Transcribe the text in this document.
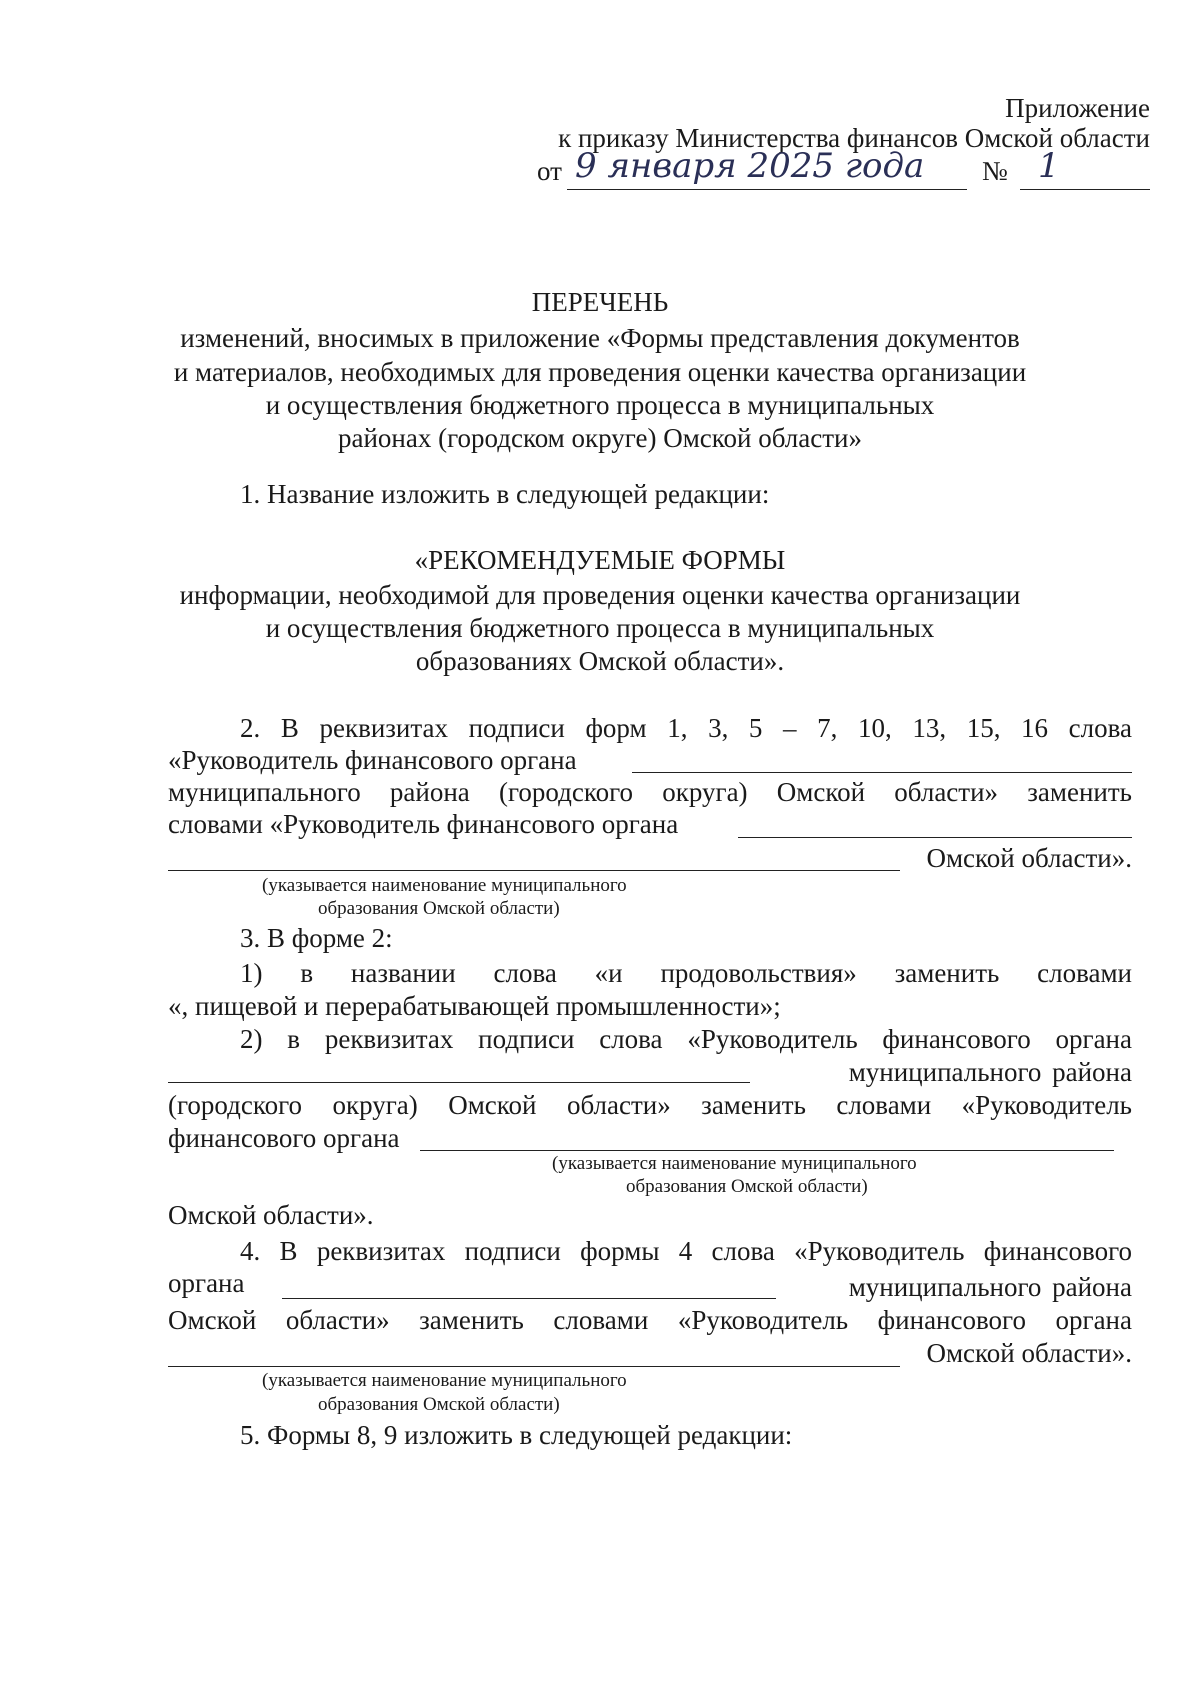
Приложение
к приказу Министерства финансов Омской области
от 9 января 2025 года № 1
ПЕРЕЧЕНЬ
изменений, вносимых в приложение «Формы представления документов
и материалов, необходимых для проведения оценки качества организации
и осуществления бюджетного процесса в муниципальных
районах (городском округе) Омской области»
1. Название изложить в следующей редакции:
«РЕКОМЕНДУЕМЫЕ ФОРМЫ
информации, необходимой для проведения оценки качества организации
и осуществления бюджетного процесса в муниципальных
образованиях Омской области».
2. В реквизитах подписи форм 1, 3, 5 – 7, 10, 13, 15, 16 слова
«Руководитель финансового органа
муниципального района (городского округа) Омской области» заменить
словами «Руководитель финансового органа
Омской области».
(указывается наименование муниципального
образования Омской области)
3. В форме 2:
1) в названии слова «и продовольствия» заменить словами
«, пищевой и перерабатывающей промышленности»;
2) в реквизитах подписи слова «Руководитель финансового органа
муниципального района
(городского округа) Омской области» заменить словами «Руководитель
финансового органа
(указывается наименование муниципального
образования Омской области)
Омской области».
4. В реквизитах подписи формы 4 слова «Руководитель финансового
органа	муниципального района
Омской области» заменить словами «Руководитель финансового органа
Омской области».
(указывается наименование муниципального
образования Омской области)
5. Формы 8, 9 изложить в следующей редакции:
